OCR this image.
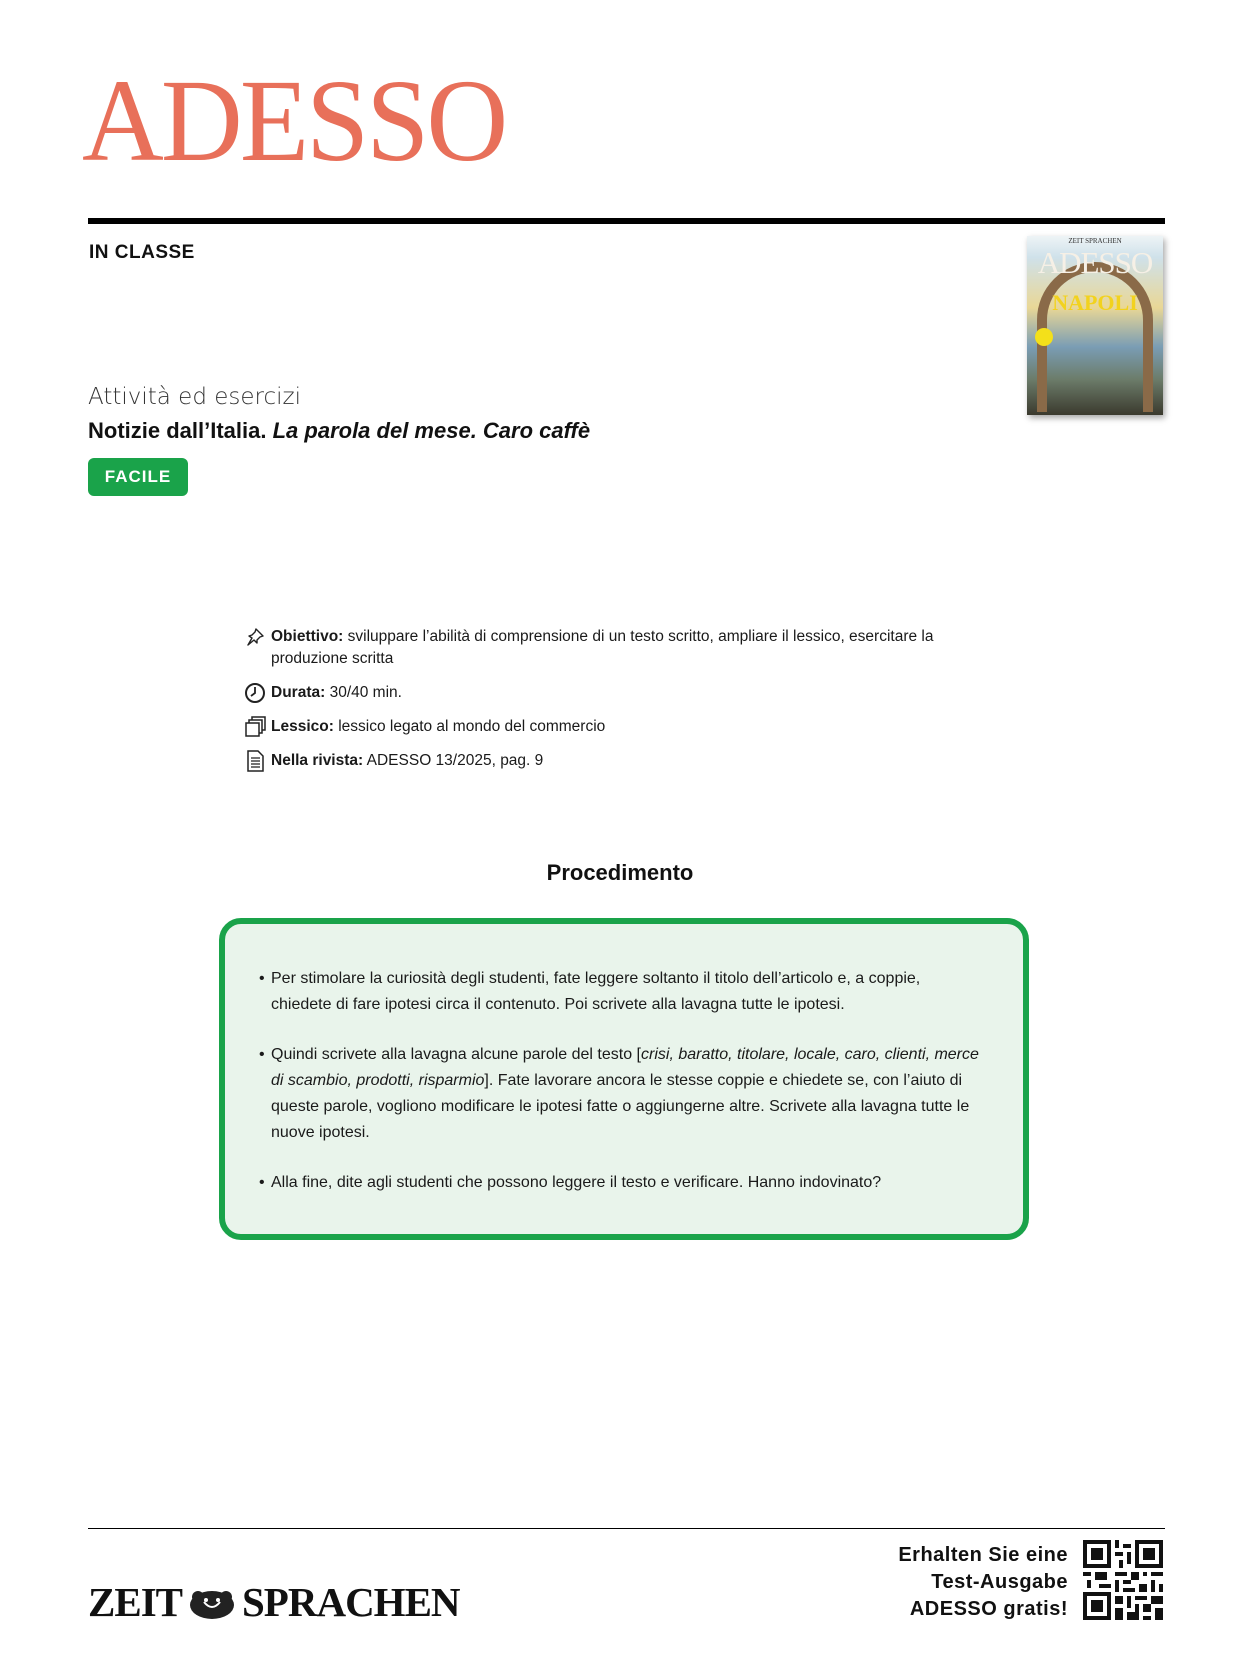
ADESSO
IN CLASSE
ZEIT SPRACHEN
ADESSO
NAPOLI
Attività ed esercizi
Notizie dall’Italia. La parola del mese. Caro caffè
FACILE
Obiettivo: sviluppare l’abilità di comprensione di un testo scritto, ampliare il lessico, esercitare la produzione scritta
Durata: 30/40 min.
Lessico: lessico legato al mondo del commercio
Nella rivista: ADESSO 13/2025, pag. 9
Procedimento
• Per stimolare la curiosità degli studenti, fate leggere soltanto il titolo dell’articolo e, a coppie, chiedete di fare ipotesi circa il contenuto. Poi scrivete alla lavagna tutte le ipotesi.
• Quindi scrivete alla lavagna alcune parole del testo [crisi, baratto, titolare, locale, caro, clienti, merce di scambio, prodotti, risparmio]. Fate lavorare ancora le stesse coppie e chiedete se, con l’aiuto di queste parole, vogliono modificare le ipotesi fatte o aggiungerne altre. Scrivete alla lavagna tutte le nuove ipotesi.
• Alla fine, dite agli studenti che possono leggere il testo e verificare. Hanno indovinato?
ZEIT SPRACHEN
Erhalten Sie eine
Test-Ausgabe
ADESSO gratis!
